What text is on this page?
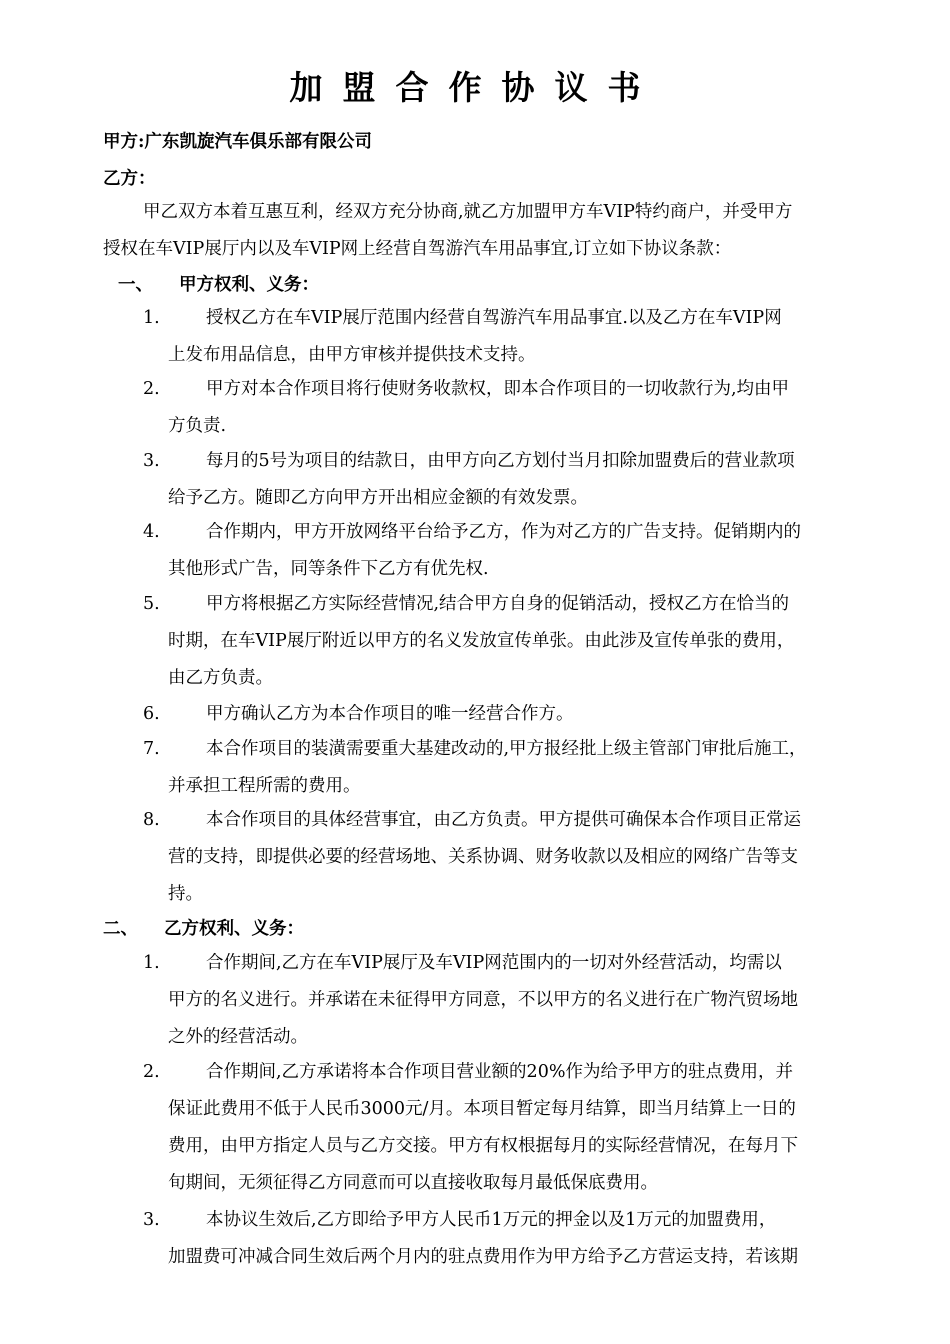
加盟合作协议书
甲方:广东凯旋汽车俱乐部有限公司
乙方：
甲乙双方本着互惠互利，经双方充分协商,就乙方加盟甲方车VIP特约商户，并受甲方
授权在车VIP展厅内以及车VIP网上经营自驾游汽车用品事宜,订立如下协议条款：
一、 甲方权利、义务：
1.	授权乙方在车VIP展厅范围内经营自驾游汽车用品事宜.以及乙方在车VIP网
上发布用品信息，由甲方审核并提供技术支持。
2.	甲方对本合作项目将行使财务收款权，即本合作项目的一切收款行为,均由甲
方负责.
3.	每月的5号为项目的结款日，由甲方向乙方划付当月扣除加盟费后的营业款项
给予乙方。随即乙方向甲方开出相应金额的有效发票。
4.	合作期内，甲方开放网络平台给予乙方，作为对乙方的广告支持。促销期内的
其他形式广告，同等条件下乙方有优先权.
5.	甲方将根据乙方实际经营情况,结合甲方自身的促销活动，授权乙方在恰当的
时期，在车VIP展厅附近以甲方的名义发放宣传单张。由此涉及宣传单张的费用，
由乙方负责。
6.	甲方确认乙方为本合作项目的唯一经营合作方。
7.	本合作项目的装潢需要重大基建改动的,甲方报经批上级主管部门审批后施工，
并承担工程所需的费用。
8.	本合作项目的具体经营事宜，由乙方负责。甲方提供可确保本合作项目正常运
营的支持，即提供必要的经营场地、关系协调、财务收款以及相应的网络广告等支
持。
二、 乙方权利、义务：
1.	合作期间,乙方在车VIP展厅及车VIP网范围内的一切对外经营活动，均需以
甲方的名义进行。并承诺在未征得甲方同意，不以甲方的名义进行在广物汽贸场地
之外的经营活动。
2.	合作期间,乙方承诺将本合作项目营业额的20%作为给予甲方的驻点费用，并
保证此费用不低于人民币3000元/月。本项目暂定每月结算，即当月结算上一日的
费用，由甲方指定人员与乙方交接。甲方有权根据每月的实际经营情况，在每月下
旬期间，无须征得乙方同意而可以直接收取每月最低保底费用。
3.	本协议生效后,乙方即给予甲方人民币1万元的押金以及1万元的加盟费用，
加盟费可冲减合同生效后两个月内的驻点费用作为甲方给予乙方营运支持，若该期
